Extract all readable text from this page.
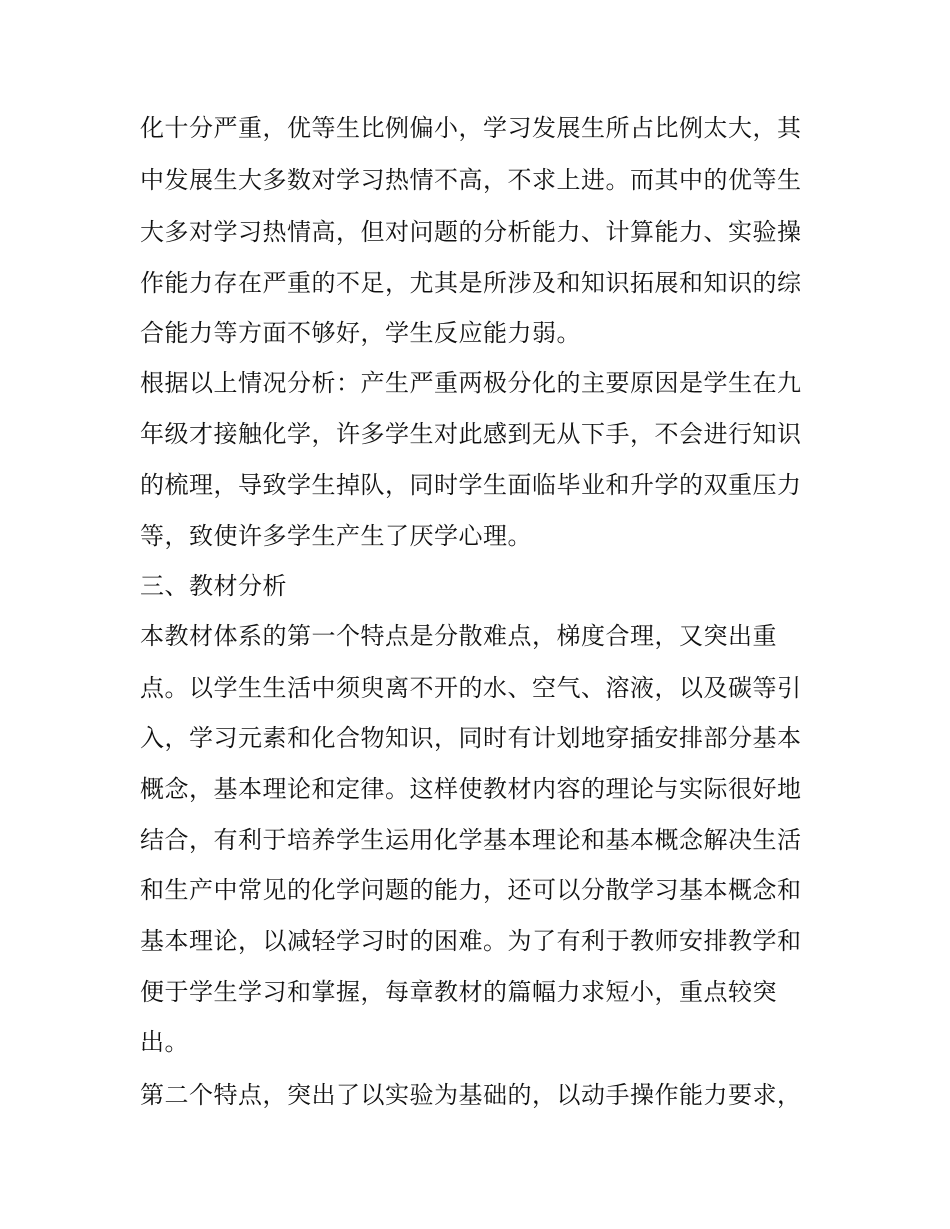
化十分严重，优等生比例偏小，学习发展生所占比例太大，其
中发展生大多数对学习热情不高，不求上进。而其中的优等生
大多对学习热情高，但对问题的分析能力、计算能力、实验操
作能力存在严重的不足，尤其是所涉及和知识拓展和知识的综
合能力等方面不够好，学生反应能力弱。
根据以上情况分析：产生严重两极分化的主要原因是学生在九
年级才接触化学，许多学生对此感到无从下手，不会进行知识
的梳理，导致学生掉队，同时学生面临毕业和升学的双重压力
等，致使许多学生产生了厌学心理。
三、教材分析
本教材体系的第一个特点是分散难点，梯度合理，又突出重
点。以学生生活中须臾离不开的水、空气、溶液，以及碳等引
入，学习元素和化合物知识，同时有计划地穿插安排部分基本
概念，基本理论和定律。这样使教材内容的理论与实际很好地
结合，有利于培养学生运用化学基本理论和基本概念解决生活
和生产中常见的化学问题的能力，还可以分散学习基本概念和
基本理论，以减轻学习时的困难。为了有利于教师安排教学和
便于学生学习和掌握，每章教材的篇幅力求短小，重点较突
出。
第二个特点，突出了以实验为基础的，以动手操作能力要求，
